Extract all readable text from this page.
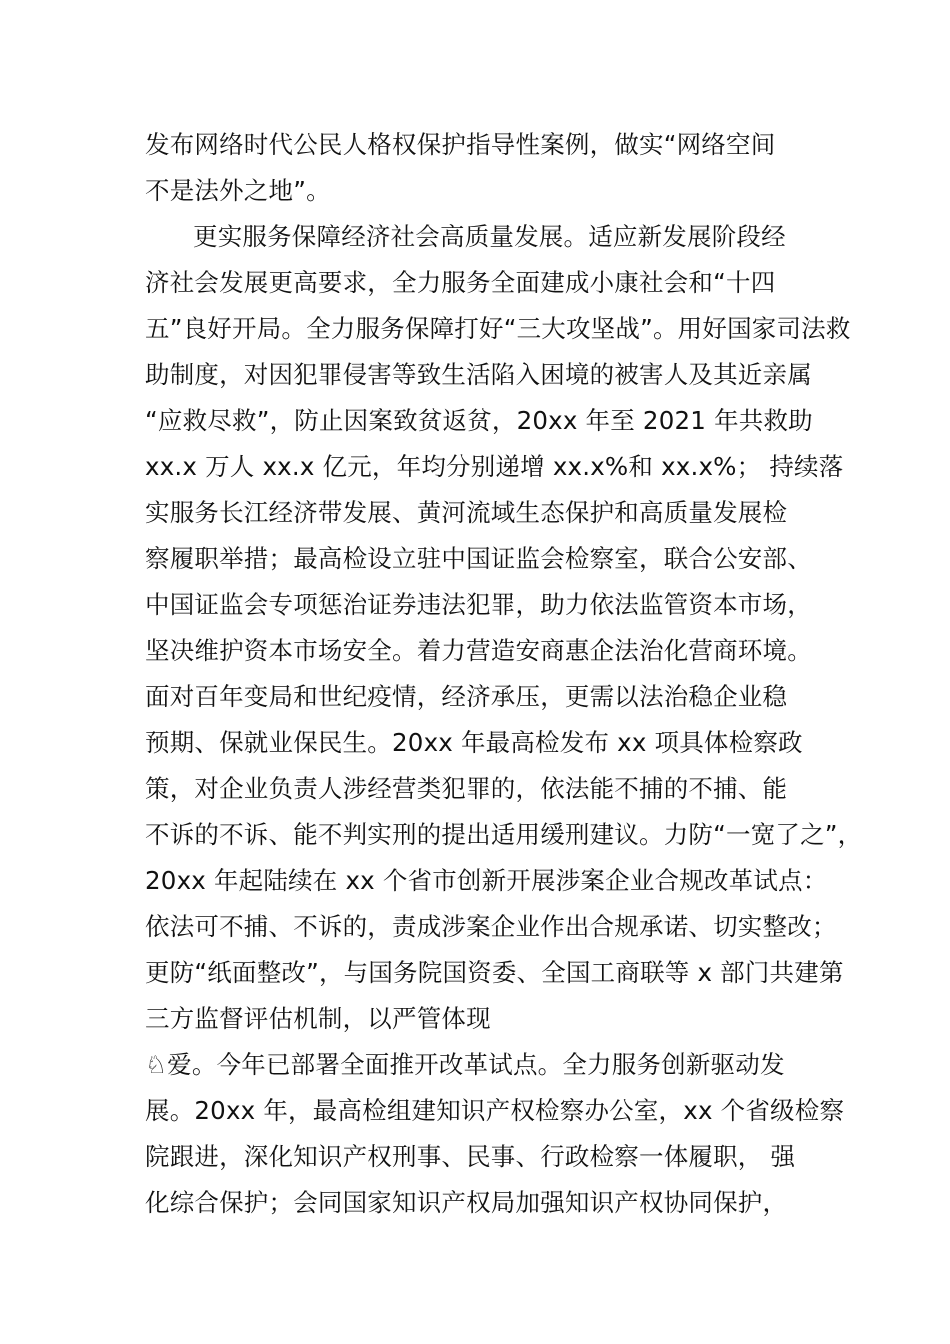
发布网络时代公民人格权保护指导性案例，做实“网络空间
不是法外之地”。
更实服务保障经济社会高质量发展。适应新发展阶段经
济社会发展更高要求，全力服务全面建成小康社会和“十四
五”良好开局。全力服务保障打好“三大攻坚战”。用好国家司法救
助制度，对因犯罪侵害等致生活陷入困境的被害人及其近亲属
“应救尽救”，防止因案致贫返贫，20xx 年至 2021 年共救助
xx.x 万人 xx.x 亿元，年均分别递增 xx.x%和 xx.x%； 持续落
实服务长江经济带发展、黄河流域生态保护和高质量发展检
察履职举措；最高检设立驻中国证监会检察室，联合公安部、
中国证监会专项惩治证券违法犯罪，助力依法监管资本市场，
坚决维护资本市场安全。着力营造安商惠企法治化营商环境。
面对百年变局和世纪疫情，经济承压，更需以法治稳企业稳
预期、保就业保民生。20xx 年最高检发布 xx 项具体检察政
策，对企业负责人涉经营类犯罪的，依法能不捕的不捕、能
不诉的不诉、能不判实刑的提出适用缓刑建议。力防“一宽了之”，
20xx 年起陆续在 xx 个省市创新开展涉案企业合规改革试点：
依法可不捕、不诉的，责成涉案企业作出合规承诺、切实整改；
更防“纸面整改”，与国务院国资委、全国工商联等 x 部门共建第
三方监督评估机制，以严管体现
♘爱。今年已部署全面推开改革试点。全力服务创新驱动发
展。20xx 年，最高检组建知识产权检察办公室，xx 个省级检察
院跟进，深化知识产权刑事、民事、行政检察一体履职， 强
化综合保护；会同国家知识产权局加强知识产权协同保护，
